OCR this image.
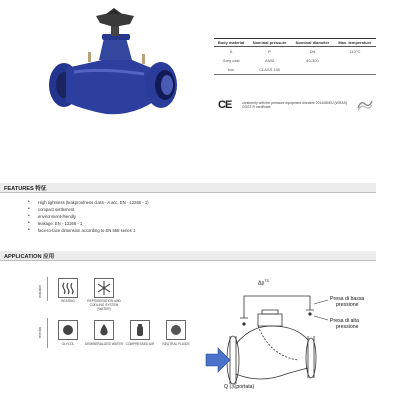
Body material	Nominal pressure	Nominal diameter	Max. temperature
A	P	DN	110°C
Grey cast	ANSI	40-300	
iron	CLASS 150		
CE	conformity with the pressure equipment directive 2014/68/EU (WRAS) GOST-R certificate
FEATURES 特征
• High tightness (leakproofness class - A acc. EN - 12266 - 1)
• compact settlement
• environment-friendly
• leakage: EN - 12266 - 1
• face-to-face dimension according to EN 558 series 1
APPLICATION 应用
industri
media
HEATING	REFRIGERATION AND COOLING SYSTEM (WATER)
GLYCOL	DEMINERALIZED WATER COMPRESSED AIR	NEUTRAL FLUIDS
$\Delta p^{TS}$
Presa di bassa
pressione
Presa di alta
pressione
Q (流portata)
